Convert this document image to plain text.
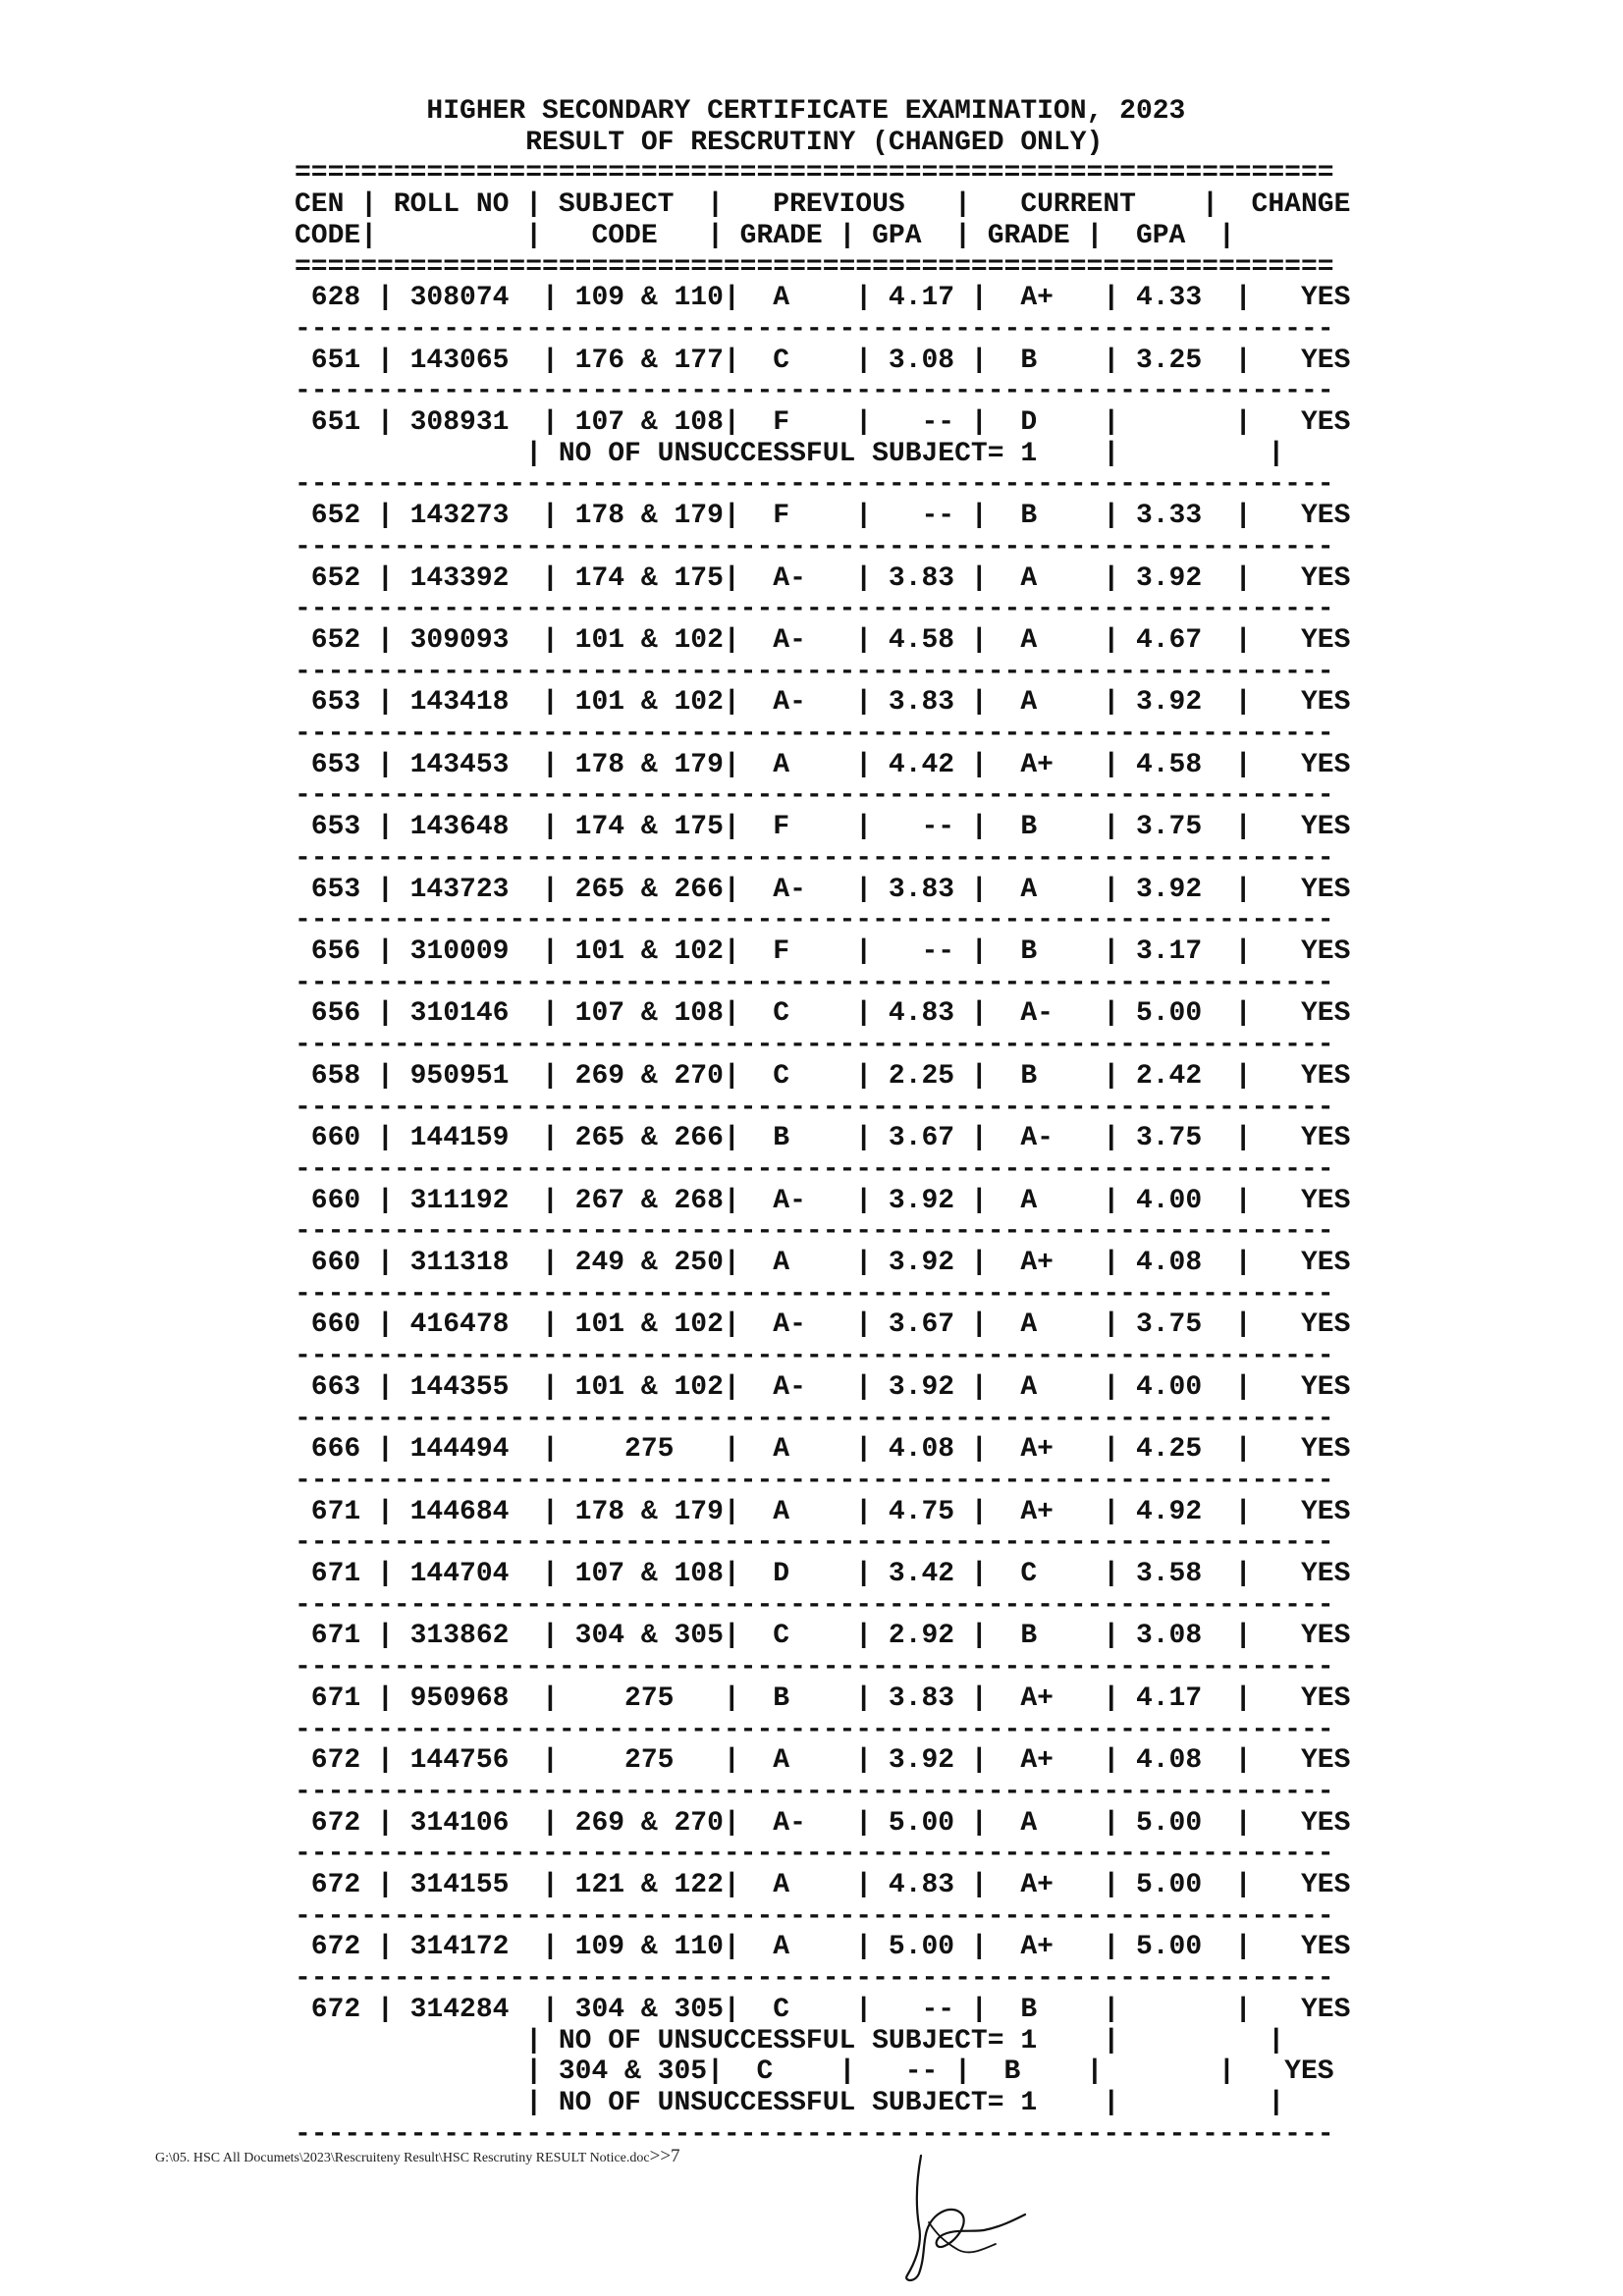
HIGHER SECONDARY CERTIFICATE EXAMINATION, 2023
RESULT OF RESCRUTINY (CHANGED ONLY)
===============================================================
CEN | ROLL NO | SUBJECT  |   PREVIOUS   |   CURRENT    |  CHANGE
CODE|         |   CODE   | GRADE | GPA  | GRADE |  GPA  |
===============================================================
628 | 308074  | 109 & 110|  A    | 4.17 |  A+   | 4.33  |   YES
---------------------------------------------------------------
651 | 143065  | 176 & 177|  C    | 3.08 |  B    | 3.25  |   YES
---------------------------------------------------------------
651 | 308931  | 107 & 108|  F    |   -- |  D    |       |   YES
| NO OF UNSUCCESSFUL SUBJECT= 1    |         |
---------------------------------------------------------------
652 | 143273  | 178 & 179|  F    |   -- |  B    | 3.33  |   YES
---------------------------------------------------------------
652 | 143392  | 174 & 175|  A-   | 3.83 |  A    | 3.92  |   YES
---------------------------------------------------------------
652 | 309093  | 101 & 102|  A-   | 4.58 |  A    | 4.67  |   YES
---------------------------------------------------------------
653 | 143418  | 101 & 102|  A-   | 3.83 |  A    | 3.92  |   YES
---------------------------------------------------------------
653 | 143453  | 178 & 179|  A    | 4.42 |  A+   | 4.58  |   YES
---------------------------------------------------------------
653 | 143648  | 174 & 175|  F    |   -- |  B    | 3.75  |   YES
---------------------------------------------------------------
653 | 143723  | 265 & 266|  A-   | 3.83 |  A    | 3.92  |   YES
---------------------------------------------------------------
656 | 310009  | 101 & 102|  F    |   -- |  B    | 3.17  |   YES
---------------------------------------------------------------
656 | 310146  | 107 & 108|  C    | 4.83 |  A-   | 5.00  |   YES
---------------------------------------------------------------
658 | 950951  | 269 & 270|  C    | 2.25 |  B    | 2.42  |   YES
---------------------------------------------------------------
660 | 144159  | 265 & 266|  B    | 3.67 |  A-   | 3.75  |   YES
---------------------------------------------------------------
660 | 311192  | 267 & 268|  A-   | 3.92 |  A    | 4.00  |   YES
---------------------------------------------------------------
660 | 311318  | 249 & 250|  A    | 3.92 |  A+   | 4.08  |   YES
---------------------------------------------------------------
660 | 416478  | 101 & 102|  A-   | 3.67 |  A    | 3.75  |   YES
---------------------------------------------------------------
663 | 144355  | 101 & 102|  A-   | 3.92 |  A    | 4.00  |   YES
---------------------------------------------------------------
666 | 144494  |    275   |  A    | 4.08 |  A+   | 4.25  |   YES
---------------------------------------------------------------
671 | 144684  | 178 & 179|  A    | 4.75 |  A+   | 4.92  |   YES
---------------------------------------------------------------
671 | 144704  | 107 & 108|  D    | 3.42 |  C    | 3.58  |   YES
---------------------------------------------------------------
671 | 313862  | 304 & 305|  C    | 2.92 |  B    | 3.08  |   YES
---------------------------------------------------------------
671 | 950968  |    275   |  B    | 3.83 |  A+   | 4.17  |   YES
---------------------------------------------------------------
672 | 144756  |    275   |  A    | 3.92 |  A+   | 4.08  |   YES
---------------------------------------------------------------
672 | 314106  | 269 & 270|  A-   | 5.00 |  A    | 5.00  |   YES
---------------------------------------------------------------
672 | 314155  | 121 & 122|  A    | 4.83 |  A+   | 5.00  |   YES
---------------------------------------------------------------
672 | 314172  | 109 & 110|  A    | 5.00 |  A+   | 5.00  |   YES
---------------------------------------------------------------
672 | 314284  | 304 & 305|  C    |   -- |  B    |       |   YES
| NO OF UNSUCCESSFUL SUBJECT= 1    |         |
| 304 & 305|  C    |   -- |  B    |       |   YES
| NO OF UNSUCCESSFUL SUBJECT= 1    |         |
---------------------------------------------------------------

G:\05. HSC All Documets\2023\Rescruiteny Result\HSC Rescrutiny RESULT Notice.doc>>7
